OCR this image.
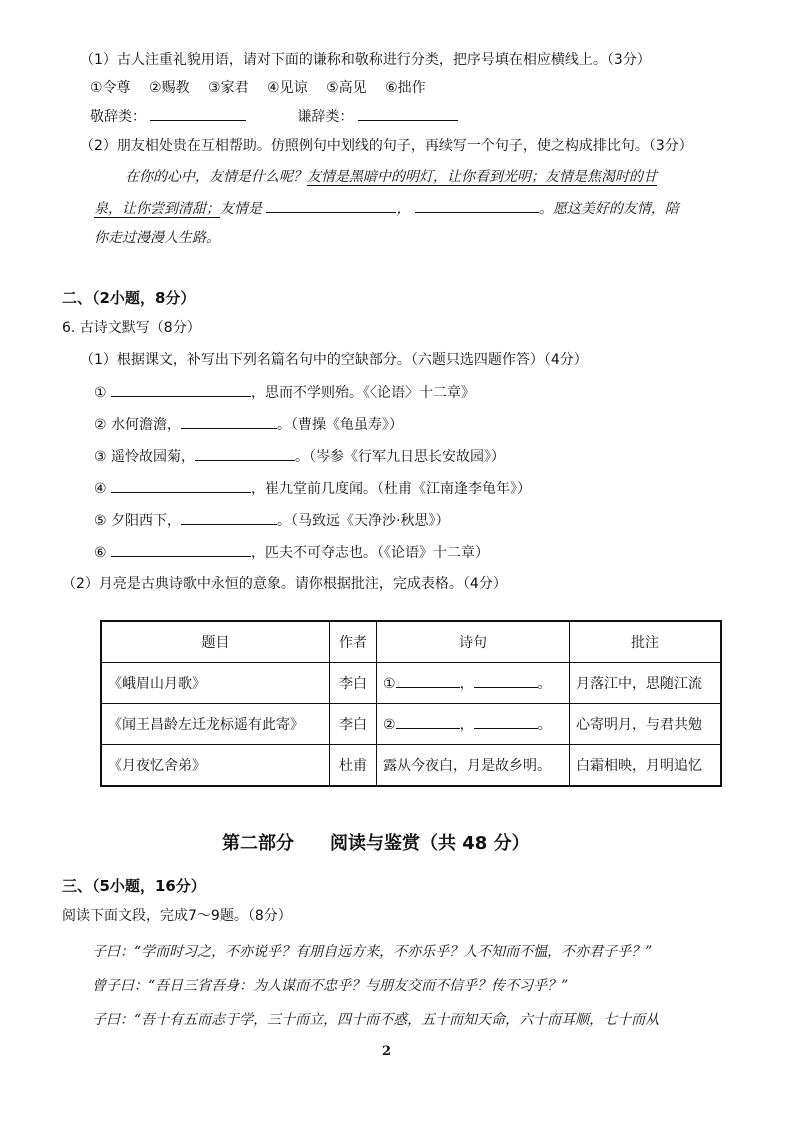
（1）古人注重礼貌用语，请对下面的谦称和敬称进行分类，把序号填在相应横线上。（3分）
①令尊 ②赐教 ③家君 ④见谅 ⑤高见 ⑥拙作
敬辞类：	谦辞类：
（2）朋友相处贵在互相帮助。仿照例句中划线的句子，再续写一个句子，使之构成排比句。（3分）
在你的心中，友情是什么呢？友情是黑暗中的明灯，让你看到光明；友情是焦渴时的甘
泉，让你尝到清甜；友情是	，	。愿这美好的友情，陪
你走过漫漫人生路。
二、（2小题，8分）
6. 古诗文默写（8分）
（1）根据课文，补写出下列名篇名句中的空缺部分。（六题只选四题作答）（4分）
①	，思而不学则殆。《〈论语〉十二章》
② 水何澹澹，	。（曹操《龟虽寿》）
③ 遥怜故园菊，	。（岑参《行军九日思长安故园》）
④	，崔九堂前几度闻。（杜甫《江南逢李龟年》）
⑤ 夕阳西下，	。（马致远《天净沙·秋思》）
⑥	，匹夫不可夺志也。（《论语》十二章）
（2）月亮是古典诗歌中永恒的意象。请你根据批注，完成表格。（4分）
题目	作者	诗句	批注
《峨眉山月歌》	李白	① ， 。	月落江中，思随江流
《闻王昌龄左迁龙标遥有此寄》	李白	② ， 。	心寄明月，与君共勉
《月夜忆舍弟》	杜甫	露从今夜白，月是故乡明。	白霜相映，月明追忆
第二部分　　阅读与鉴赏（共 48 分）
三、（5小题，16分）
阅读下面文段，完成7～9题。（8分）
子曰：“学而时习之，不亦说乎？有朋自远方来，不亦乐乎？人不知而不愠，不亦君子乎？”
曾子曰：“吾日三省吾身：为人谋而不忠乎？与朋友交而不信乎？传不习乎？”
子曰：“吾十有五而志于学，三十而立，四十而不惑，五十而知天命，六十而耳顺，七十而从
2
